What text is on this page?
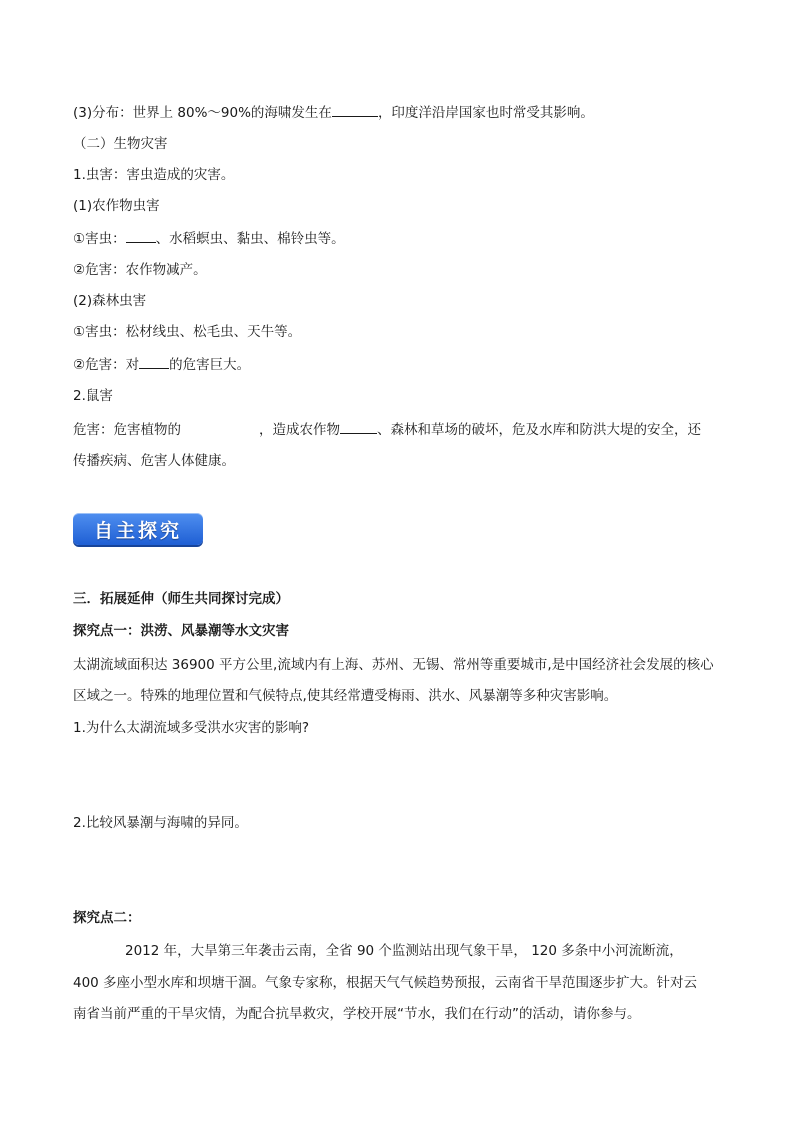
(3)分布：世界上 80%～90%的海啸发生在	，印度洋沿岸国家也时常受其影响。
（二）生物灾害
1.虫害：害虫造成的灾害。
(1)农作物虫害
①害虫： 、水稻螟虫、黏虫、棉铃虫等。
②危害：农作物减产。
(2)森林虫害
①害虫：松材线虫、松毛虫、天牛等。
②危害：对 的危害巨大。
2.鼠害
危害：危害植物的	，造成农作物	、森林和草场的破坏，危及水库和防洪大堤的安全，还
传播疾病、危害人体健康。
自主探究
三．拓展延伸（师生共同探讨完成）
探究点一：洪涝、风暴潮等水文灾害
太湖流域面积达 36900 平方公里,流域内有上海、苏州、无锡、常州等重要城市,是中国经济社会发展的核心
区域之一。特殊的地理位置和气候特点,使其经常遭受梅雨、洪水、风暴潮等多种灾害影响。
1.为什么太湖流域多受洪水灾害的影响?
2.比较风暴潮与海啸的异同。
探究点二：
2012 年，大旱第三年袭击云南，全省 90 个监测站出现气象干旱， 120 多条中小河流断流，
400 多座小型水库和坝塘干涸。气象专家称，根据天气气候趋势预报，云南省干旱范围逐步扩大。针对云
南省当前严重的干旱灾情，为配合抗旱救灾，学校开展“节水，我们在行动”的活动，请你参与。
